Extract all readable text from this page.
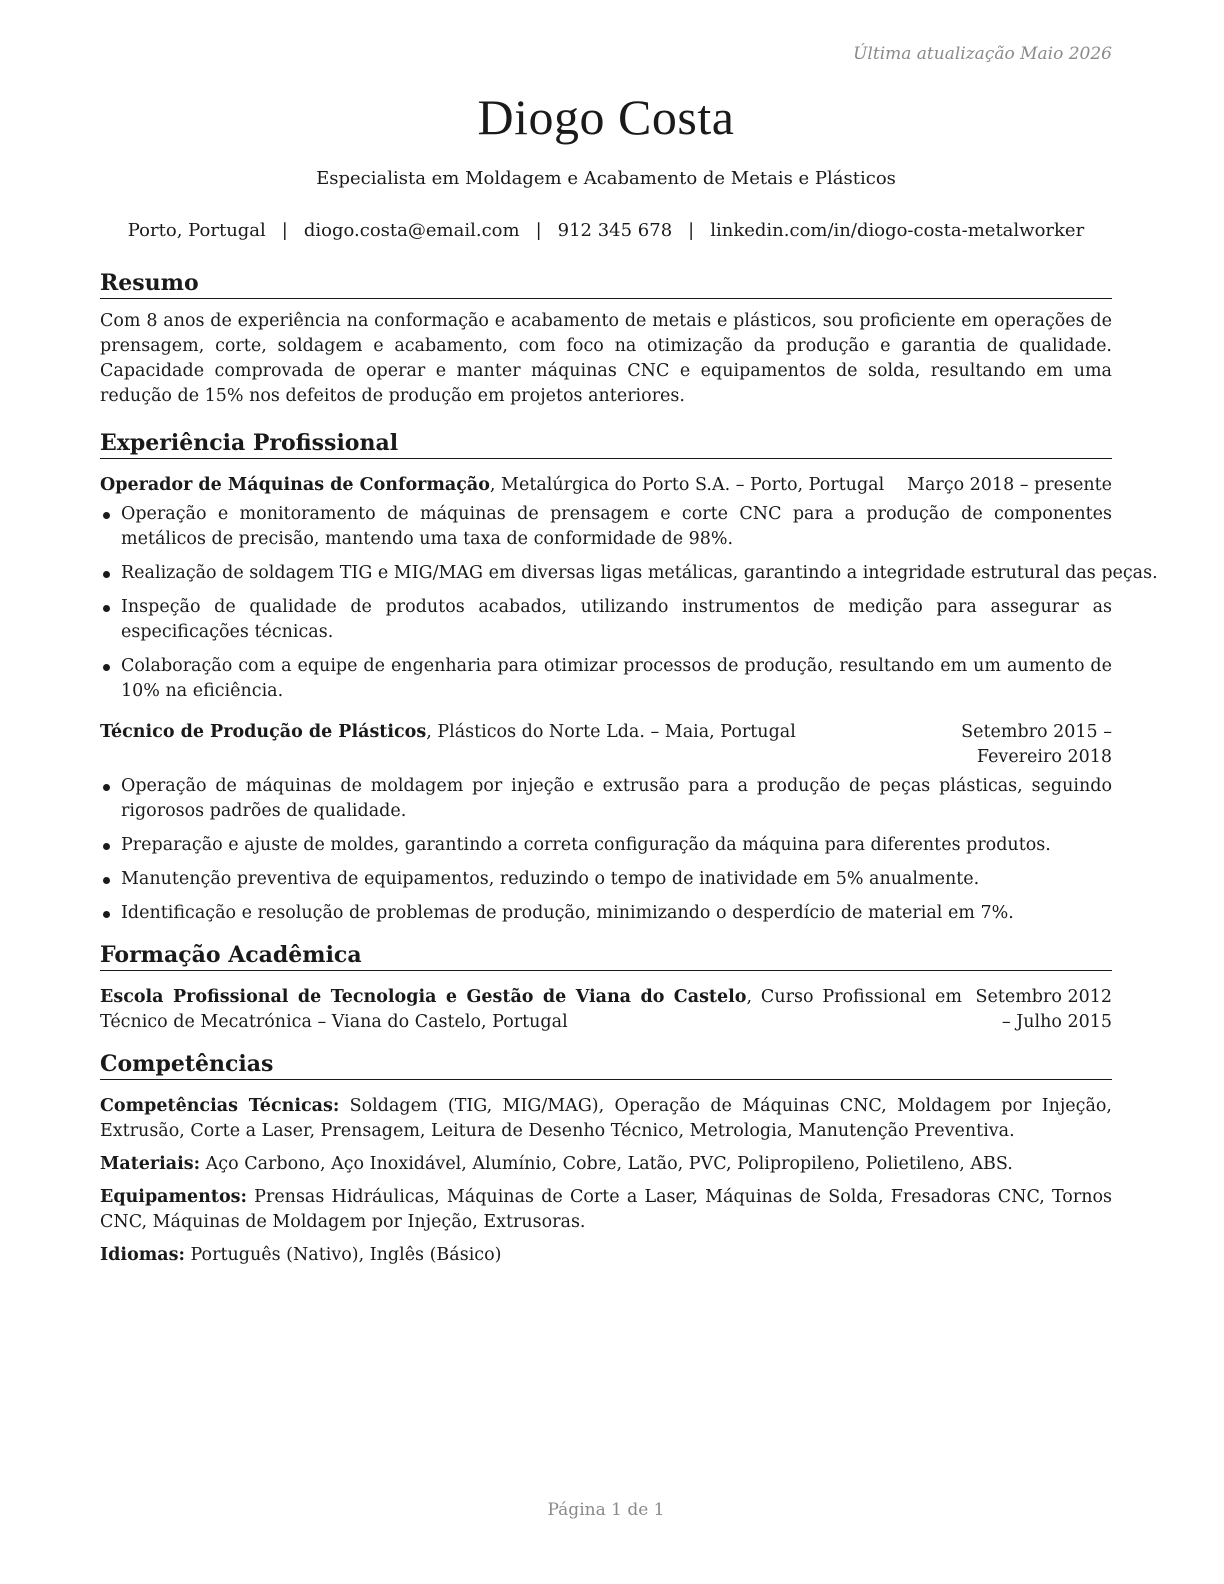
Última atualização Maio 2026
Diogo Costa
Especialista em Moldagem e Acabamento de Metais e Plásticos
Porto, Portugal | diogo.costa@email.com | 912 345 678 | linkedin.com/in/diogo-costa-metalworker
Resumo

Com 8 anos de experiência na conformação e acabamento de metais e plásticos, sou proficiente em operações de prensagem, corte, soldagem e acabamento, com foco na otimização da produção e garantia de qualidade. Capacidade comprovada de operar e manter máquinas CNC e equipamentos de solda, resultando em uma redução de 15% nos defeitos de produção em projetos anteriores.

Experiência Profissional
Operador de Máquinas de Conformação, Metalúrgica do Porto S.A. – Porto, Portugal	Março 2018 – presente
Operação e monitoramento de máquinas de prensagem e corte CNC para a produção de componentes metálicos de precisão, mantendo uma taxa de conformidade de 98%.
Realização de soldagem TIG e MIG/MAG em diversas ligas metálicas, garantindo a integridade estrutural das peças.
Inspeção de qualidade de produtos acabados, utilizando instrumentos de medição para assegurar as especificações técnicas.
Colaboração com a equipe de engenharia para otimizar processos de produção, resultando em um aumento de 10% na eficiência.
Técnico de Produção de Plásticos, Plásticos do Norte Lda. – Maia, Portugal	Setembro 2015 – Fevereiro 2018
Operação de máquinas de moldagem por injeção e extrusão para a produção de peças plásticas, seguindo rigorosos padrões de qualidade.
Preparação e ajuste de moldes, garantindo a correta configuração da máquina para diferentes produtos.
Manutenção preventiva de equipamentos, reduzindo o tempo de inatividade em 5% anualmente.
Identificação e resolução de problemas de produção, minimizando o desperdício de material em 7%.
Formação Acadêmica
Escola Profissional de Tecnologia e Gestão de Viana do Castelo, Curso Profissional em Técnico de Mecatrónica – Viana do Castelo, Portugal
Setembro 2012 – Julho 2015
Competências
Competências Técnicas: Soldagem (TIG, MIG/MAG), Operação de Máquinas CNC, Moldagem por Injeção, Extrusão, Corte a Laser, Prensagem, Leitura de Desenho Técnico, Metrologia, Manutenção Preventiva.
Materiais: Aço Carbono, Aço Inoxidável, Alumínio, Cobre, Latão, PVC, Polipropileno, Polietileno, ABS.
Equipamentos: Prensas Hidráulicas, Máquinas de Corte a Laser, Máquinas de Solda, Fresadoras CNC, Tornos CNC, Máquinas de Moldagem por Injeção, Extrusoras.
Idiomas: Português (Nativo), Inglês (Básico)
Página 1 de 1
